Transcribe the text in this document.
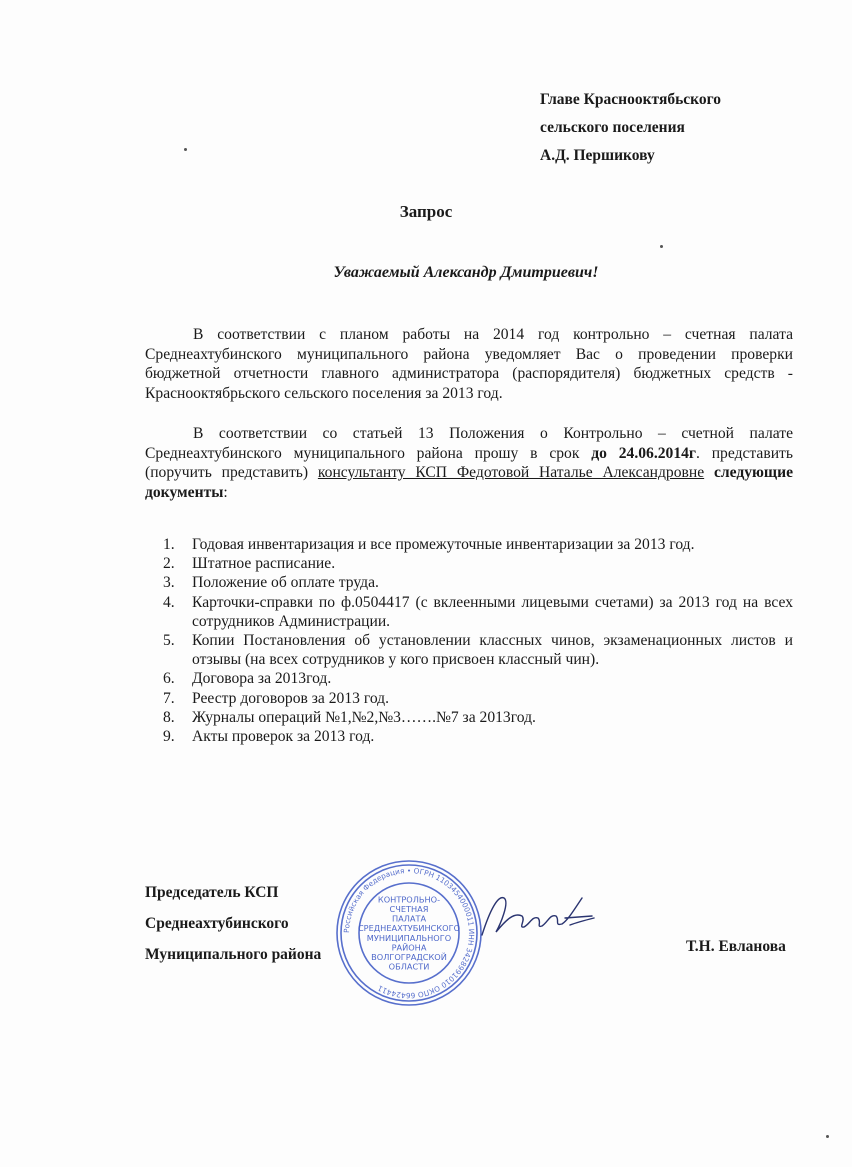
Главе Краснооктябьского
сельского поселения
А.Д. Першикову
Запрос
Уважаемый Александр Дмитриевич!

В соответствии с планом работы на 2014 год контрольно – счетная палата Среднеахтубинского муниципального района уведомляет Вас о проведении проверки бюджетной отчетности главного администратора (распорядителя) бюджетных средств - Краснооктябрьского сельского поселения за 2013 год.

В соответствии со статьей 13 Положения о Контрольно – счетной палате Среднеахтубинского муниципального района прошу в срок до 24.06.2014г. представить (поручить представить) консультанту КСП Федотовой Наталье Александровне следующие документы:

1.	Годовая инвентаризация и все промежуточные инвентаризации за 2013 год.
2.	Штатное расписание.
3.	Положение об оплате труда.
4.	Карточки-справки по ф.0504417 (с вклеенными лицевыми счетами) за 2013 год на всех сотрудников Администрации.
5.	Копии Постановления об установлении классных чинов, экзаменационных листов и отзывы (на всех сотрудников у кого присвоен классный чин).
6.	Договора за 2013год.
7.	Реестр договоров за 2013 год.
8.	Журналы операций №1,№2,№3…….№7 за 2013год.
9.	Акты проверок за 2013 год.
Председатель КСП
Среднеахтубинского
Муниципального района	Т.Н. Евланова
Российская Федерация • ОГРН 1103454000011 ИНН 3428991010 ОКПО 66424411
КОНТРОЛЬНО-
СЧЕТНАЯ
ПАЛАТА
СРЕДНЕАХТУБИНСКОГО
МУНИЦИПАЛЬНОГО
РАЙОНА
ВОЛГОГРАДСКОЙ
ОБЛАСТИ
